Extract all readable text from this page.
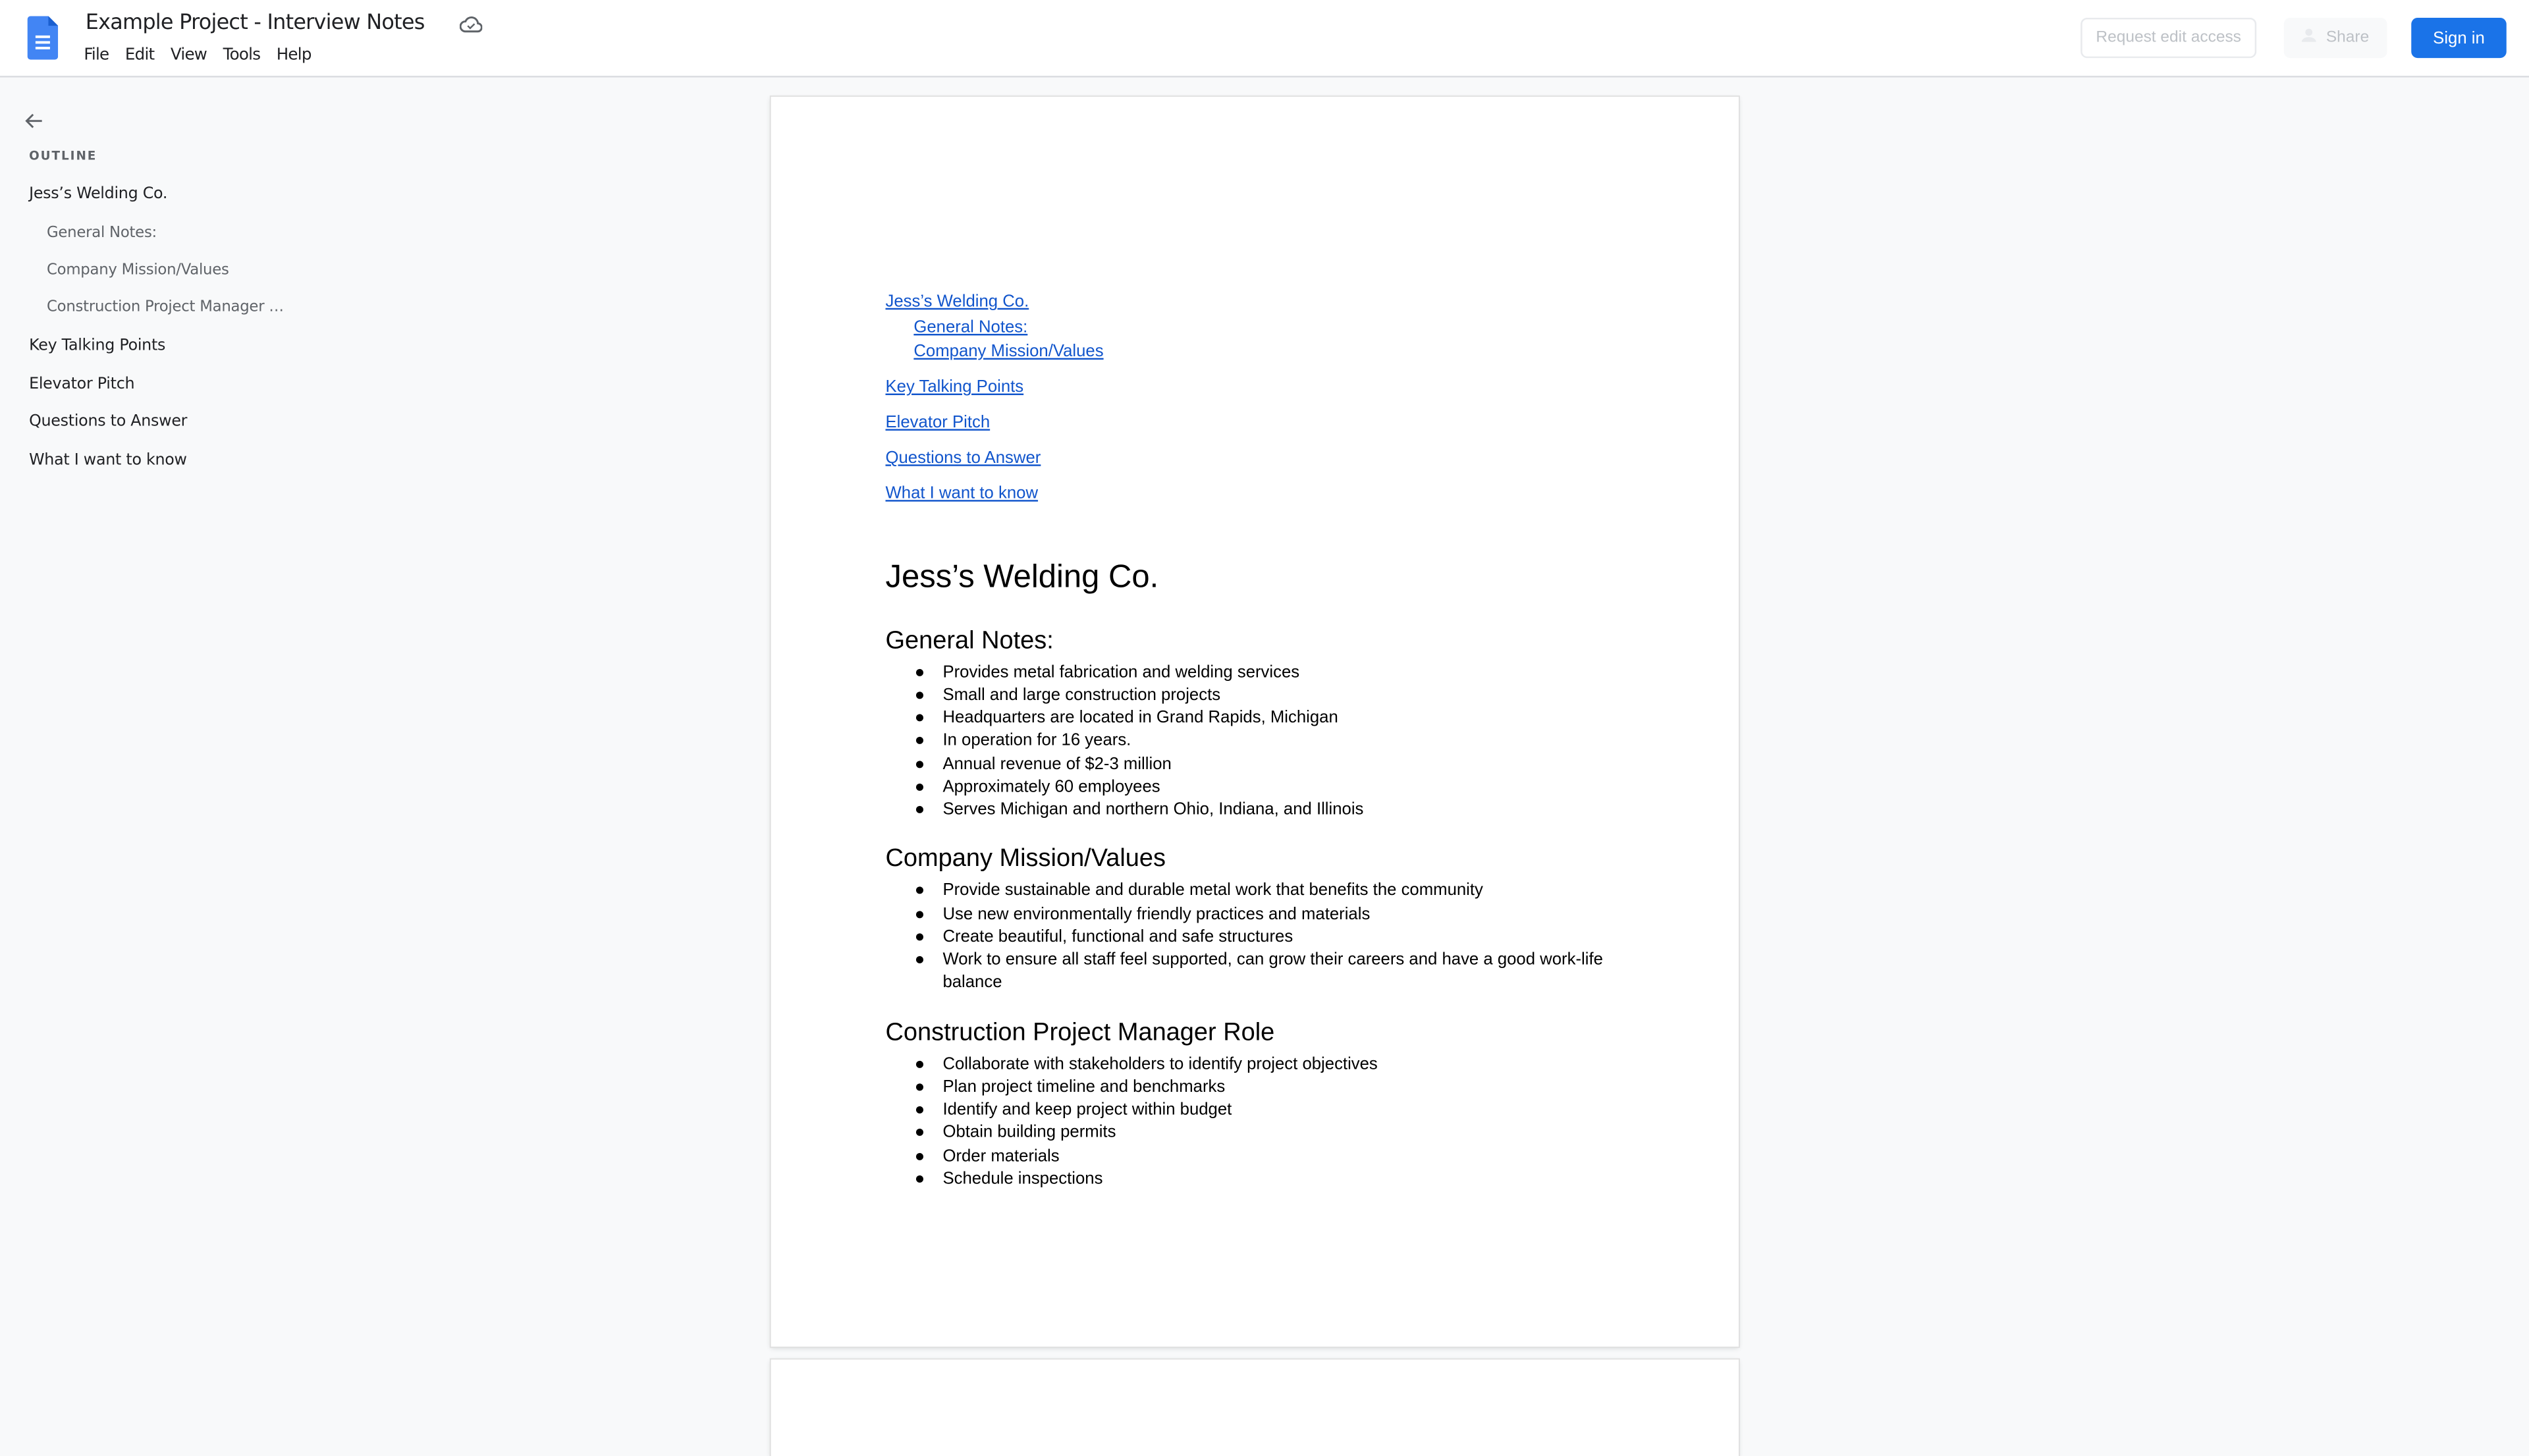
Example Project - Interview Notes
File Edit View Tools Help
Request edit access	Share	Sign in
OUTLINE
Jess’s Welding Co.
General Notes:
Company Mission/Values
Construction Project Manager …
Key Talking Points
Elevator Pitch
Questions to Answer
What I want to know
Jess’s Welding Co.
General Notes:
Company Mission/Values
Key Talking Points
Elevator Pitch
Questions to Answer
What I want to know
Jess’s Welding Co.
General Notes:
●	Provides metal fabrication and welding services
●	Small and large construction projects
●	Headquarters are located in Grand Rapids, Michigan
●	In operation for 16 years.
●	Annual revenue of $2-3 million
●	Approximately 60 employees
●	Serves Michigan and northern Ohio, Indiana, and Illinois
Company Mission/Values
●	Provide sustainable and durable metal work that benefits the community
●	Use new environmentally friendly practices and materials
●	Create beautiful, functional and safe structures
●	Work to ensure all staff feel supported, can grow their careers and have a good work-life balance
Construction Project Manager Role
●	Collaborate with stakeholders to identify project objectives
●	Plan project timeline and benchmarks
●	Identify and keep project within budget
●	Obtain building permits
●	Order materials
●	Schedule inspections
